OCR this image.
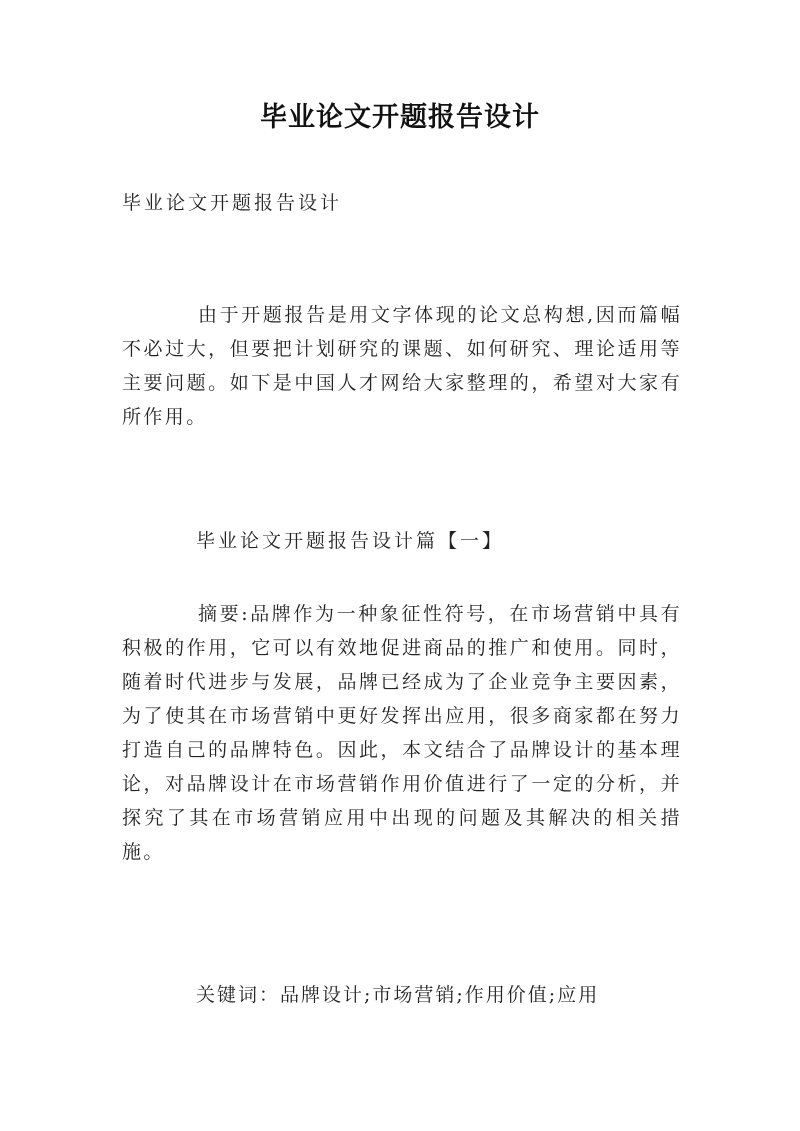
毕业论文开题报告设计
毕业论文开题报告设计
由于开题报告是用文字体现的论文总构想,因而篇幅不必过大，但要把计划研究的课题、如何研究、理论适用等主要问题。如下是中国人才网给大家整理的，希望对大家有所作用。
毕业论文开题报告设计篇【一】
摘要:品牌作为一种象征性符号，在市场营销中具有积极的作用，它可以有效地促进商品的推广和使用。同时，随着时代进步与发展，品牌已经成为了企业竞争主要因素，为了使其在市场营销中更好发挥出应用，很多商家都在努力打造自己的品牌特色。因此，本文结合了品牌设计的基本理论，对品牌设计在市场营销作用价值进行了一定的分析，并探究了其在市场营销应用中出现的问题及其解决的相关措施。
关键词：品牌设计;市场营销;作用价值;应用
